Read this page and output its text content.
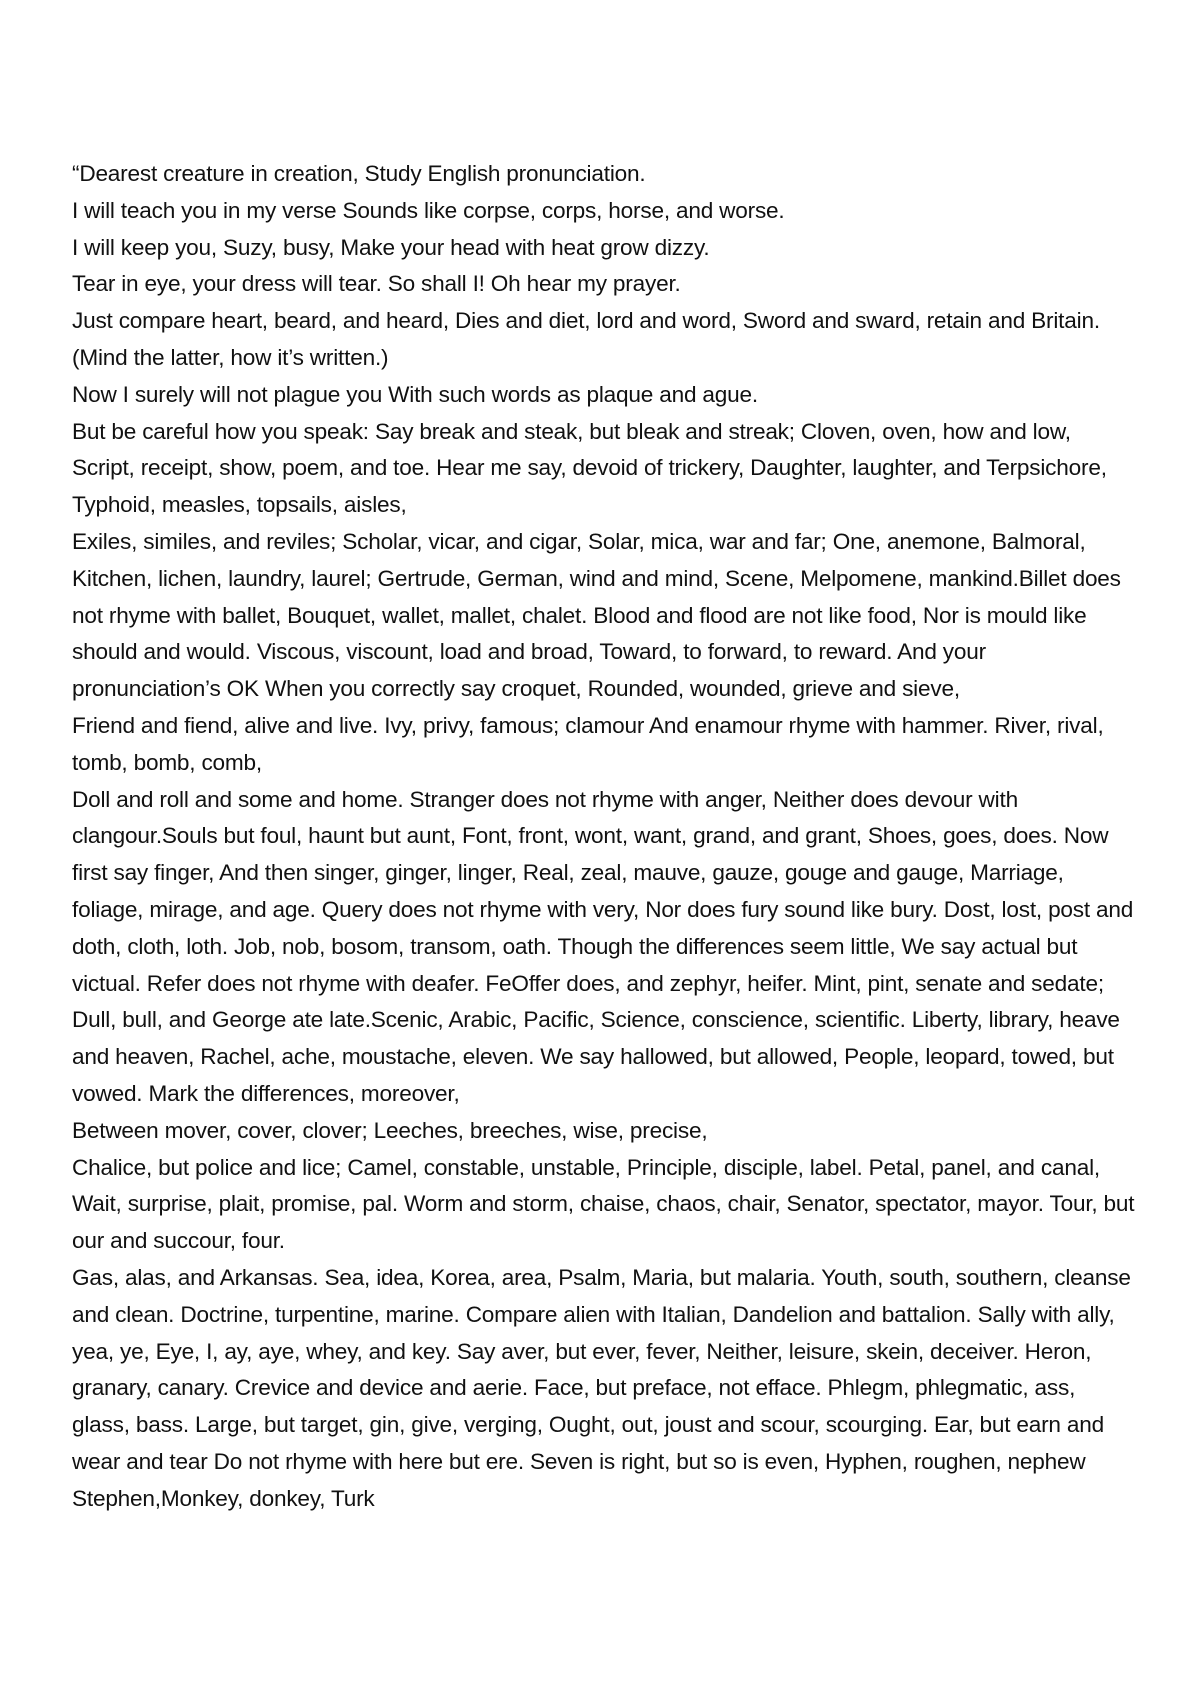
“Dearest creature in creation, Study English pronunciation.

I will teach you in my verse Sounds like corpse, corps, horse, and worse.

I will keep you, Suzy, busy, Make your head with heat grow dizzy.

Tear in eye, your dress will tear. So shall I! Oh hear my prayer.

Just compare heart, beard, and heard, Dies and diet, lord and word, Sword and sward, retain and Britain.

(Mind the latter, how it’s written.)

Now I surely will not plague you With such words as plaque and ague.

But be careful how you speak: Say break and steak, but bleak and streak; Cloven, oven, how and low, Script, receipt, show, poem, and toe. Hear me say, devoid of trickery, Daughter, laughter, and Terpsichore, Typhoid, measles, topsails, aisles,

Exiles, similes, and reviles; Scholar, vicar, and cigar, Solar, mica, war and far; One, anemone, Balmoral, Kitchen, lichen, laundry, laurel; Gertrude, German, wind and mind, Scene, Melpomene, mankind.Billet does not rhyme with ballet, Bouquet, wallet, mallet, chalet. Blood and flood are not like food, Nor is mould like should and would. Viscous, viscount, load and broad, Toward, to forward, to reward. And your pronunciation’s OK When you correctly say croquet, Rounded, wounded, grieve and sieve,

Friend and fiend, alive and live. Ivy, privy, famous; clamour And enamour rhyme with hammer. River, rival, tomb, bomb, comb,

Doll and roll and some and home. Stranger does not rhyme with anger, Neither does devour with clangour.Souls but foul, haunt but aunt, Font, front, wont, want, grand, and grant, Shoes, goes, does. Now first say finger, And then singer, ginger, linger, Real, zeal, mauve, gauze, gouge and gauge, Marriage, foliage, mirage, and age. Query does not rhyme with very, Nor does fury sound like bury. Dost, lost, post and doth, cloth, loth. Job, nob, bosom, transom, oath. Though the differences seem little, We say actual but victual. Refer does not rhyme with deafer. FeOffer does, and zephyr, heifer. Mint, pint, senate and sedate; Dull, bull, and George ate late.Scenic, Arabic, Pacific, Science, conscience, scientific. Liberty, library, heave and heaven, Rachel, ache, moustache, eleven. We say hallowed, but allowed, People, leopard, towed, but vowed. Mark the differences, moreover,

Between mover, cover, clover; Leeches, breeches, wise, precise,

Chalice, but police and lice; Camel, constable, unstable, Principle, disciple, label. Petal, panel, and canal, Wait, surprise, plait, promise, pal. Worm and storm, chaise, chaos, chair, Senator, spectator, mayor. Tour, but our and succour, four.

Gas, alas, and Arkansas. Sea, idea, Korea, area, Psalm, Maria, but malaria. Youth, south, southern, cleanse and clean. Doctrine, turpentine, marine. Compare alien with Italian, Dandelion and battalion. Sally with ally, yea, ye, Eye, I, ay, aye, whey, and key. Say aver, but ever, fever, Neither, leisure, skein, deceiver. Heron, granary, canary. Crevice and device and aerie. Face, but preface, not efface. Phlegm, phlegmatic, ass, glass, bass. Large, but target, gin, give, verging, Ought, out, joust and scour, scourging. Ear, but earn and wear and tear Do not rhyme with here but ere. Seven is right, but so is even, Hyphen, roughen, nephew Stephen,Monkey, donkey, Turk
